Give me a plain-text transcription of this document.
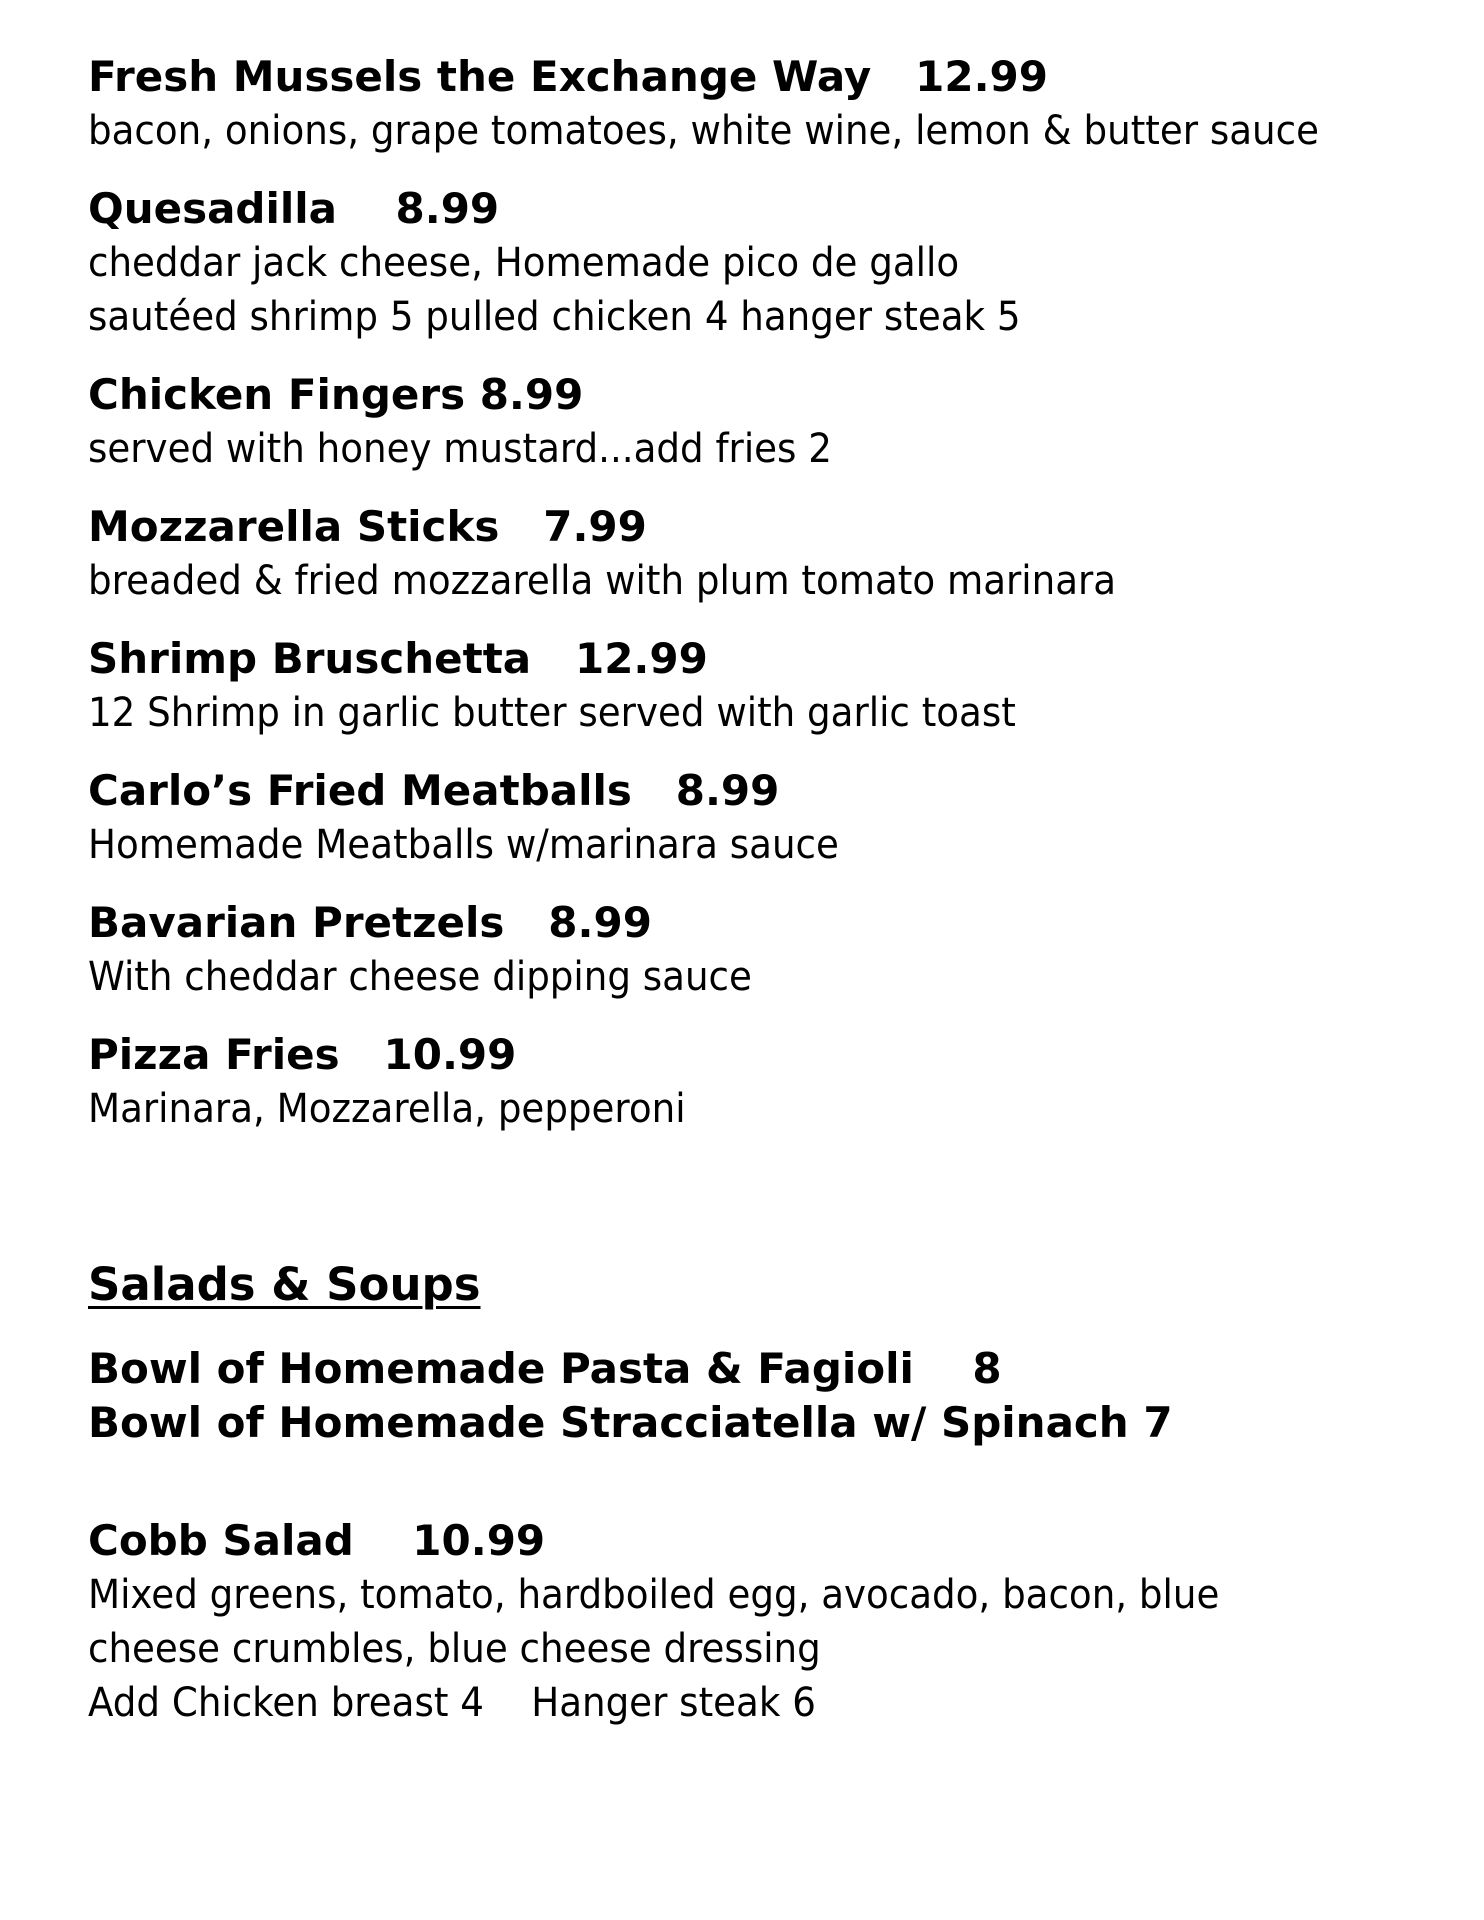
Fresh Mussels the Exchange Way   12.99
bacon, onions, grape tomatoes, white wine, lemon & butter sauce
Quesadilla    8.99
cheddar jack cheese, Homemade pico de gallo
sautéed shrimp 5 pulled chicken 4 hanger steak 5
Chicken Fingers 8.99
served with honey mustard...add fries 2
Mozzarella Sticks   7.99
breaded & fried mozzarella with plum tomato marinara
Shrimp Bruschetta   12.99
12 Shrimp in garlic butter served with garlic toast
Carlo’s Fried Meatballs   8.99
Homemade Meatballs w/marinara sauce
Bavarian Pretzels   8.99
With cheddar cheese dipping sauce
Pizza Fries   10.99
Marinara, Mozzarella, pepperoni
Salads & Soups
Bowl of Homemade Pasta & Fagioli    8
Bowl of Homemade Stracciatella w/ Spinach 7
Cobb Salad    10.99
Mixed greens, tomato, hardboiled egg, avocado, bacon, blue
cheese crumbles, blue cheese dressing
Add Chicken breast 4    Hanger steak 6
